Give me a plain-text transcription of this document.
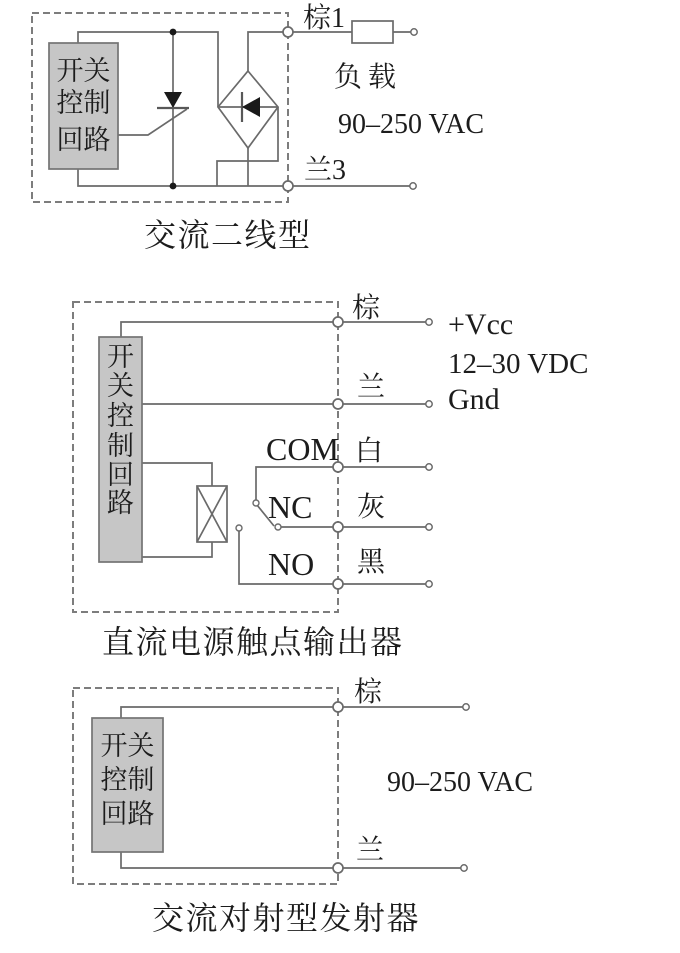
开关
控制
回路
棕1
负载
90–250 VAC
兰3
交流二线型
开
关
控
制
回
路
棕 +Vcc
12–30 VDC
兰 Gnd
COM 白
NC 灰
NO 黑
直流电源触点输出器
开关
控制
回路
棕
90–250 VAC
兰
交流对射型发射器
